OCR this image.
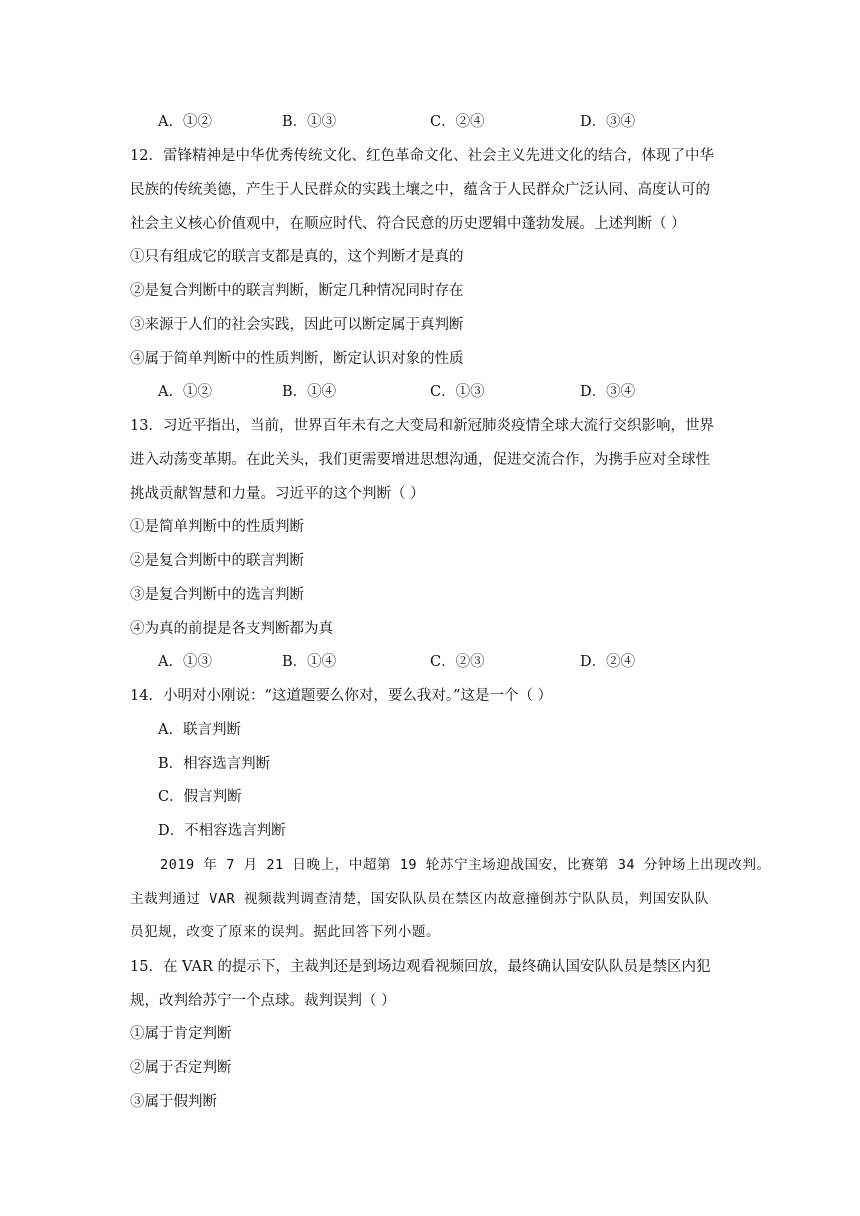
A．①②	B．①③	C．②④	D．③④
12．雷锋精神是中华优秀传统文化、红色革命文化、社会主义先进文化的结合，体现了中华
民族的传统美德，产生于人民群众的实践土壤之中，蕴含于人民群众广泛认同、高度认可的
社会主义核心价值观中，在顺应时代、符合民意的历史逻辑中蓬勃发展。上述判断（ ）
①只有组成它的联言支都是真的，这个判断才是真的
②是复合判断中的联言判断，断定几种情况同时存在
③来源于人们的社会实践，因此可以断定属于真判断
④属于简单判断中的性质判断，断定认识对象的性质
A．①②	B．①④	C．①③	D．③④
13．习近平指出，当前，世界百年未有之大变局和新冠肺炎疫情全球大流行交织影响，世界
进入动荡变革期。在此关头，我们更需要增进思想沟通，促进交流合作，为携手应对全球性
挑战贡献智慧和力量。习近平的这个判断（ ）
①是简单判断中的性质判断
②是复合判断中的联言判断
③是复合判断中的选言判断
④为真的前提是各支判断都为真
A．①③	B．①④	C．②③	D．②④
14．小明对小刚说：“这道题要么你对，要么我对。”这是一个（ ）
A．联言判断
B．相容选言判断
C．假言判断
D．不相容选言判断
2019 年 7 月 21 日晚上，中超第 19 轮苏宁主场迎战国安，比赛第 34 分钟场上出现改判。
主裁判通过 VAR 视频裁判调查清楚，国安队队员在禁区内故意撞倒苏宁队队员，判国安队队
员犯规，改变了原来的误判。据此回答下列小题。
15．在 VAR 的提示下，主裁判还是到场边观看视频回放，最终确认国安队队员是禁区内犯
规，改判给苏宁一个点球。裁判误判（ ）
①属于肯定判断
②属于否定判断
③属于假判断
